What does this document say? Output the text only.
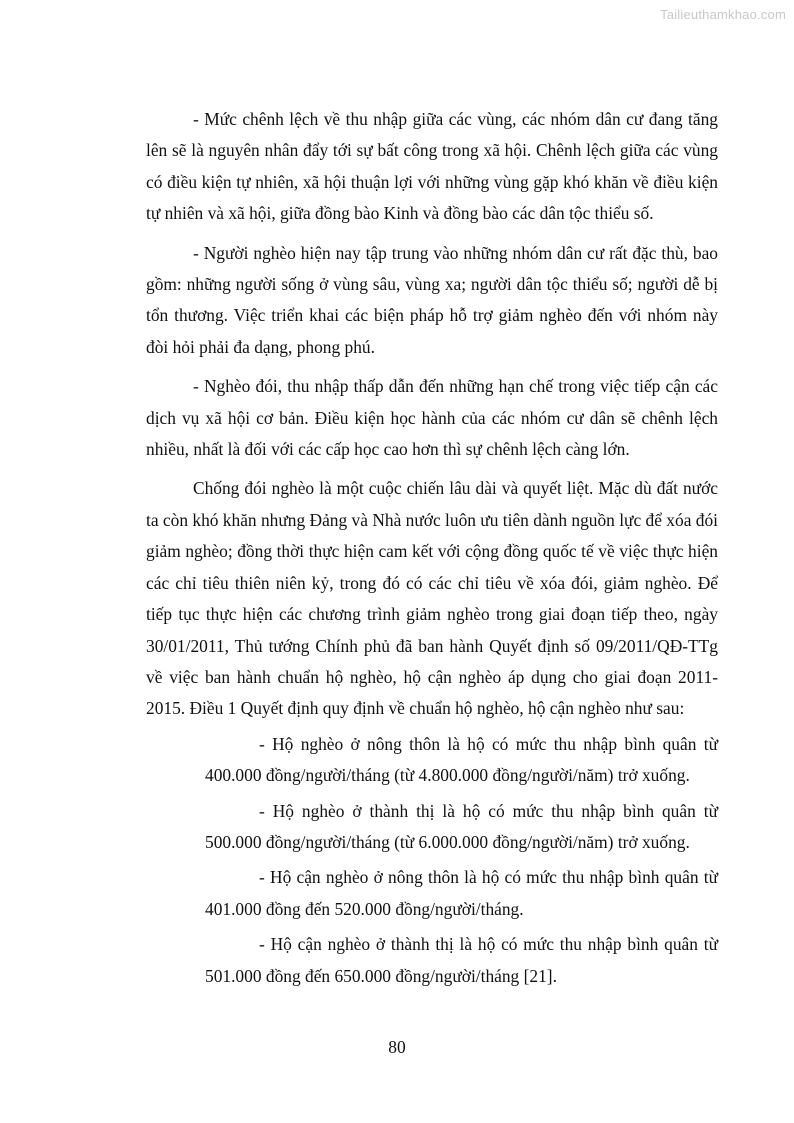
Tailieuthamkhao.com

- Mức chênh lệch về thu nhập giữa các vùng, các nhóm dân cư đang tăng lên sẽ là nguyên nhân đẩy tới sự bất công trong xã hội. Chênh lệch giữa các vùng có điều kiện tự nhiên, xã hội thuận lợi với những vùng gặp khó khăn về điều kiện tự nhiên và xã hội, giữa đồng bào Kinh và đồng bào các dân tộc thiểu số.

- Người nghèo hiện nay tập trung vào những nhóm dân cư rất đặc thù, bao gồm: những người sống ở vùng sâu, vùng xa; người dân tộc thiểu số; người dễ bị tổn thương. Việc triển khai các biện pháp hỗ trợ giảm nghèo đến với nhóm này đòi hỏi phải đa dạng, phong phú.

- Nghèo đói, thu nhập thấp dẫn đến những hạn chế trong việc tiếp cận các dịch vụ xã hội cơ bản. Điều kiện học hành của các nhóm cư dân sẽ chênh lệch nhiều, nhất là đối với các cấp học cao hơn thì sự chênh lệch càng lớn.

Chống đói nghèo là một cuộc chiến lâu dài và quyết liệt. Mặc dù đất nước ta còn khó khăn nhưng Đảng và Nhà nước luôn ưu tiên dành nguồn lực để xóa đói giảm nghèo; đồng thời thực hiện cam kết với cộng đồng quốc tế về việc thực hiện các chỉ tiêu thiên niên kỷ, trong đó có các chỉ tiêu về xóa đói, giảm nghèo. Để tiếp tục thực hiện các chương trình giảm nghèo trong giai đoạn tiếp theo, ngày 30/01/2011, Thủ tướng Chính phủ đã ban hành Quyết định số 09/2011/QĐ-TTg về việc ban hành chuẩn hộ nghèo, hộ cận nghèo áp dụng cho giai đoạn 2011-2015. Điều 1 Quyết định quy định về chuẩn hộ nghèo, hộ cận nghèo như sau:

- Hộ nghèo ở nông thôn là hộ có mức thu nhập bình quân từ 400.000 đồng/người/tháng (từ 4.800.000 đồng/người/năm) trở xuống.

- Hộ nghèo ở thành thị là hộ có mức thu nhập bình quân từ 500.000 đồng/người/tháng (từ 6.000.000 đồng/người/năm) trở xuống.

- Hộ cận nghèo ở nông thôn là hộ có mức thu nhập bình quân từ 401.000 đồng đến 520.000 đồng/người/tháng.

- Hộ cận nghèo ở thành thị là hộ có mức thu nhập bình quân từ 501.000 đồng đến 650.000 đồng/người/tháng [21].

80
